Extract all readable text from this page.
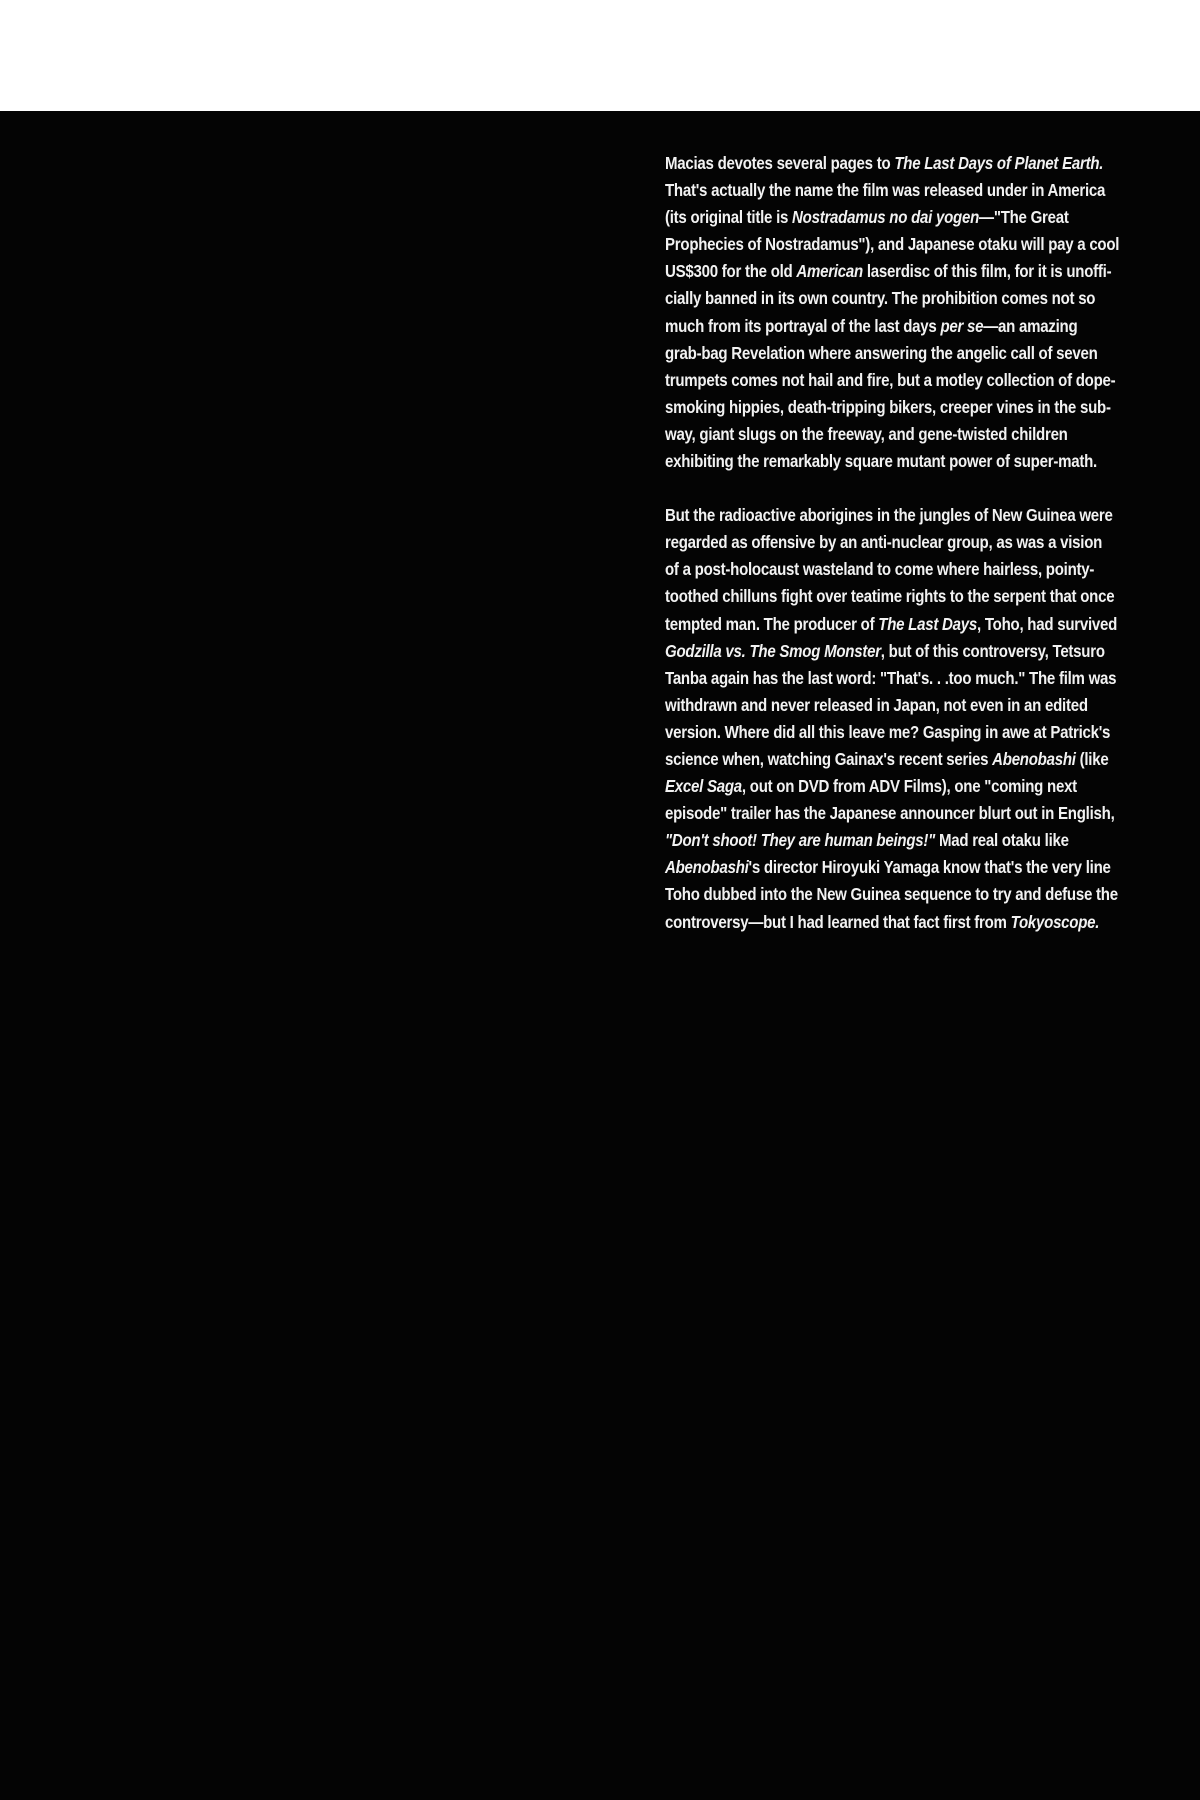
Macias devotes several pages to The Last Days of Planet Earth.
That's actually the name the film was released under in America
(its original title is Nostradamus no dai yogen—"The Great
Prophecies of Nostradamus"), and Japanese otaku will pay a cool
US$300 for the old American laserdisc of this film, for it is unoffi-
cially banned in its own country. The prohibition comes not so
much from its portrayal of the last days per se—an amazing
grab-bag Revelation where answering the angelic call of seven
trumpets comes not hail and fire, but a motley collection of dope-
smoking hippies, death-tripping bikers, creeper vines in the sub-
way, giant slugs on the freeway, and gene-twisted children
exhibiting the remarkably square mutant power of super-math.

But the radioactive aborigines in the jungles of New Guinea were
regarded as offensive by an anti-nuclear group, as was a vision
of a post-holocaust wasteland to come where hairless, pointy-
toothed chilluns fight over teatime rights to the serpent that once
tempted man. The producer of The Last Days, Toho, had survived
Godzilla vs. The Smog Monster, but of this controversy, Tetsuro
Tanba again has the last word: "That's. . .too much." The film was
withdrawn and never released in Japan, not even in an edited
version. Where did all this leave me? Gasping in awe at Patrick's
science when, watching Gainax's recent series Abenobashi (like
Excel Saga, out on DVD from ADV Films), one "coming next
episode" trailer has the Japanese announcer blurt out in English,
"Don't shoot! They are human beings!" Mad real otaku like
Abenobashi's director Hiroyuki Yamaga know that's the very line
Toho dubbed into the New Guinea sequence to try and defuse the
controversy—but I had learned that fact first from Tokyoscope.
